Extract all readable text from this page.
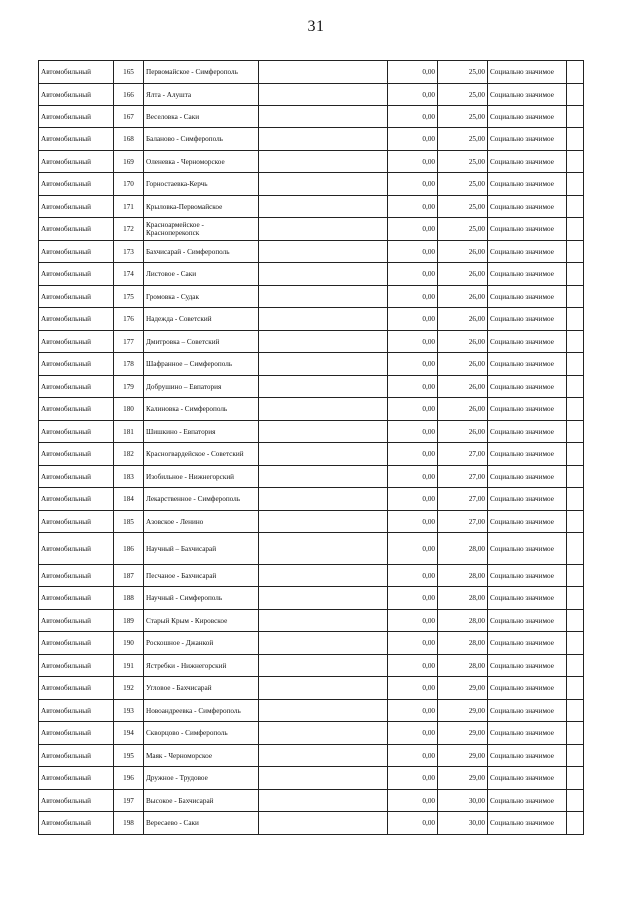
31
Автомобильный	165	Первомайское - Симферополь		0,00	25,00	Социально значимое	
Автомобильный	166	Ялта - Алушта		0,00	25,00	Социально значимое	
Автомобильный	167	Веселовка - Саки		0,00	25,00	Социально значимое	
Автомобильный	168	Баланово - Симферополь		0,00	25,00	Социально значимое	
Автомобильный	169	Оленевка - Черноморское		0,00	25,00	Социально значимое	
Автомобильный	170	Горностаевка-Керчь		0,00	25,00	Социально значимое	
Автомобильный	171	Крыловка-Первомайское		0,00	25,00	Социально значимое	
Автомобильный	172	Красноармейское - Красноперекопск		0,00	25,00	Социально значимое	
Автомобильный	173	Бахчисарай - Симферополь		0,00	26,00	Социально значимое	
Автомобильный	174	Листовое - Саки		0,00	26,00	Социально значимое	
Автомобильный	175	Громовка - Судак		0,00	26,00	Социально значимое	
Автомобильный	176	Надежда - Советский		0,00	26,00	Социально значимое	
Автомобильный	177	Дмитровка – Советский		0,00	26,00	Социально значимое	
Автомобильный	178	Шафранное – Симферополь		0,00	26,00	Социально значимое	
Автомобильный	179	Добрушино – Евпатория		0,00	26,00	Социально значимое	
Автомобильный	180	Калиновка - Симферополь		0,00	26,00	Социально значимое	
Автомобильный	181	Шишкино - Евпатория		0,00	26,00	Социально значимое	
Автомобильный	182	Красногвардейское - Советский		0,00	27,00	Социально значимое	
Автомобильный	183	Изобильное - Нижнегорский		0,00	27,00	Социально значимое	
Автомобильный	184	Лекарственное - Симферополь		0,00	27,00	Социально значимое	
Автомобильный	185	Азовское - Ленино		0,00	27,00	Социально значимое	
Автомобильный	186	Научный – Бахчисарай		0,00	28,00	Социально значимое	
Автомобильный	187	Песчаное - Бахчисарай		0,00	28,00	Социально значимое	
Автомобильный	188	Научный - Симферополь		0,00	28,00	Социально значимое	
Автомобильный	189	Старый Крым - Кировское		0,00	28,00	Социально значимое	
Автомобильный	190	Роскошное - Джанкой		0,00	28,00	Социально значимое	
Автомобильный	191	Ястребки - Нижнегорский		0,00	28,00	Социально значимое	
Автомобильный	192	Угловое - Бахчисарай		0,00	29,00	Социально значимое	
Автомобильный	193	Новоандреевка - Симферополь		0,00	29,00	Социально значимое	
Автомобильный	194	Скворцово - Симферополь		0,00	29,00	Социально значимое	
Автомобильный	195	Маяк - Черноморское		0,00	29,00	Социально значимое	
Автомобильный	196	Дружное - Трудовое		0,00	29,00	Социально значимое	
Автомобильный	197	Высокое - Бахчисарай		0,00	30,00	Социально значимое	
Автомобильный	198	Вересаево - Саки		0,00	30,00	Социально значимое	
